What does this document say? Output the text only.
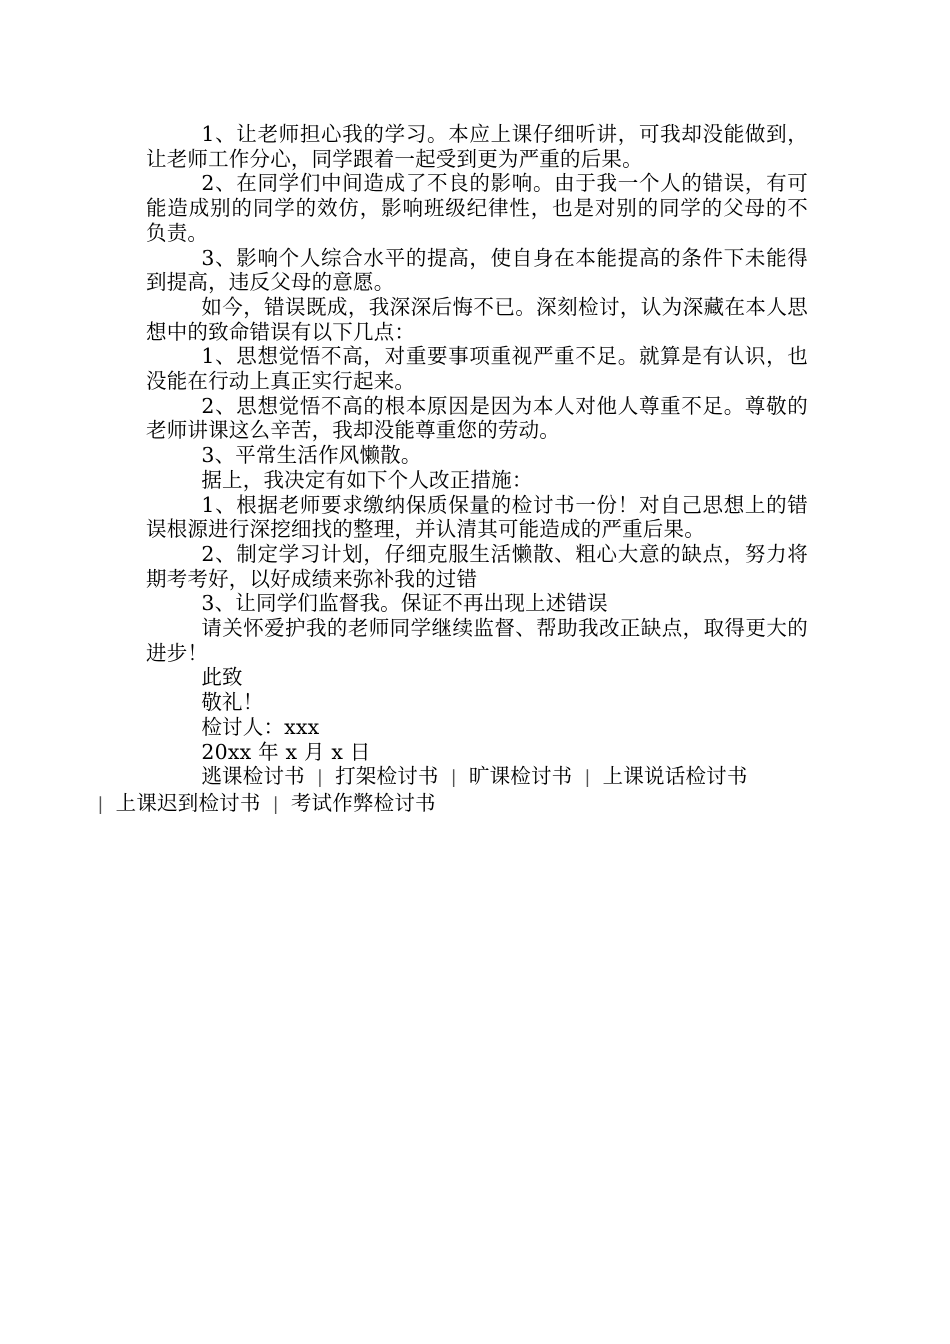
1、让老师担心我的学习。本应上课仔细听讲，可我却没能做到，让老师工作分心，同学跟着一起受到更为严重的后果。

2、在同学们中间造成了不良的影响。由于我一个人的错误，有可能造成别的同学的效仿，影响班级纪律性，也是对别的同学的父母的不负责。

3、影响个人综合水平的提高，使自身在本能提高的条件下未能得到提高，违反父母的意愿。

如今，错误既成，我深深后悔不已。深刻检讨，认为深藏在本人思想中的致命错误有以下几点：

1、思想觉悟不高，对重要事项重视严重不足。就算是有认识，也没能在行动上真正实行起来。

2、思想觉悟不高的根本原因是因为本人对他人尊重不足。尊敬的老师讲课这么辛苦，我却没能尊重您的劳动。

3、平常生活作风懒散。

据上，我决定有如下个人改正措施：

1、根据老师要求缴纳保质保量的检讨书一份！对自己思想上的错误根源进行深挖细找的整理，并认清其可能造成的严重后果。

2、制定学习计划，仔细克服生活懒散、粗心大意的缺点，努力将期考考好，以好成绩来弥补我的过错

3、让同学们监督我。保证不再出现上述错误

请关怀爱护我的老师同学继续监督、帮助我改正缺点，取得更大的进步！

此致

敬礼！

检讨人：xxx

20xx 年 x 月 x 日

逃课检讨书 | 打架检讨书 | 旷课检讨书 | 上课说话检讨书
| 上课迟到检讨书 | 考试作弊检讨书
